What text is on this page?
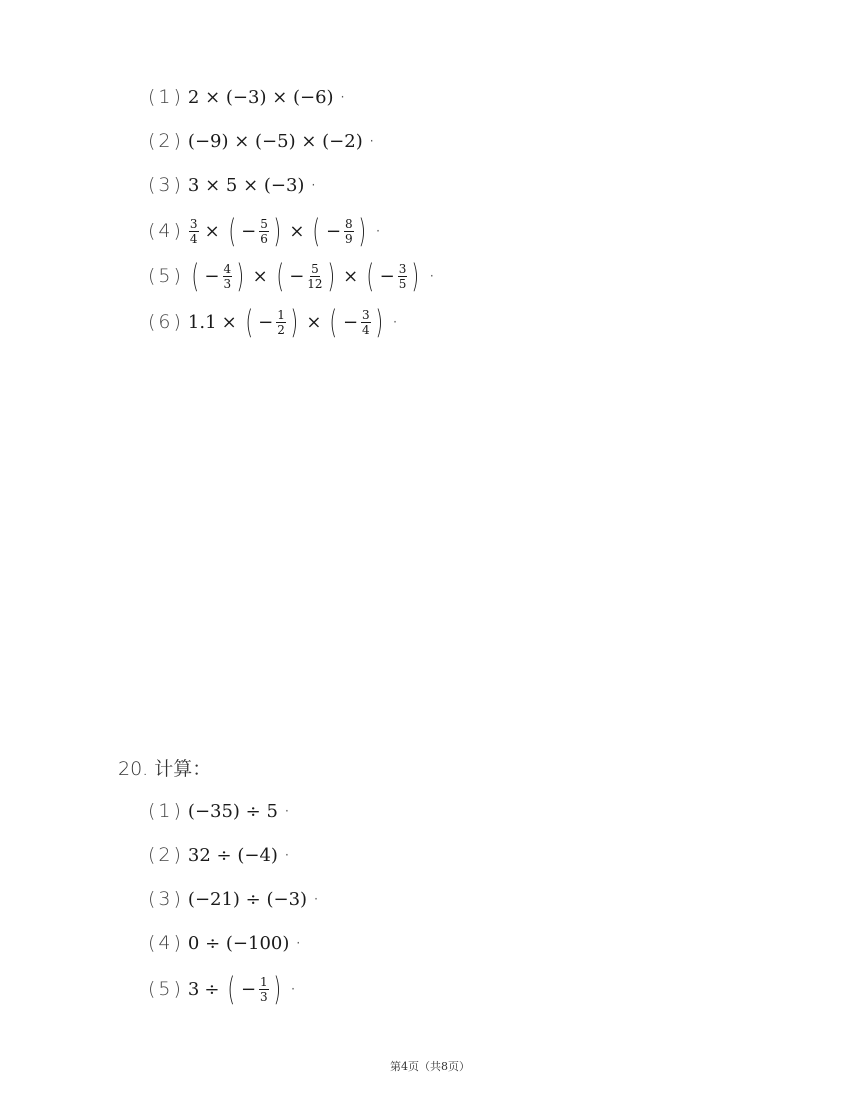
(1) 2 × (−3) × (−6) ·
(2) (−9) × (−5) × (−2) ·
(3) 3 × 5 × (−3) ·
$(4) \frac{3}{4}$ × ( − $\frac{5}{6}$ ) × ( − $\frac{8}{9}$ ) ·
(5) ( − $\frac{4}{3}$ ) × ( − $\frac{5}{12}$ ) × ( − $\frac{3}{5}$ ) ·
(6) 1.1 × ( − $\frac{1}{2}$ ) × ( − $\frac{3}{4}$ ) ·
20. 计算：
(1) (−35) ÷ 5 ·
(2) 32 ÷ (−4) ·
(3) (−21) ÷ (−3) ·
(4) 0 ÷ (−100) ·
(5) 3 ÷ ( − $\frac{1}{3}$ ) ·
第4页（共8页）
